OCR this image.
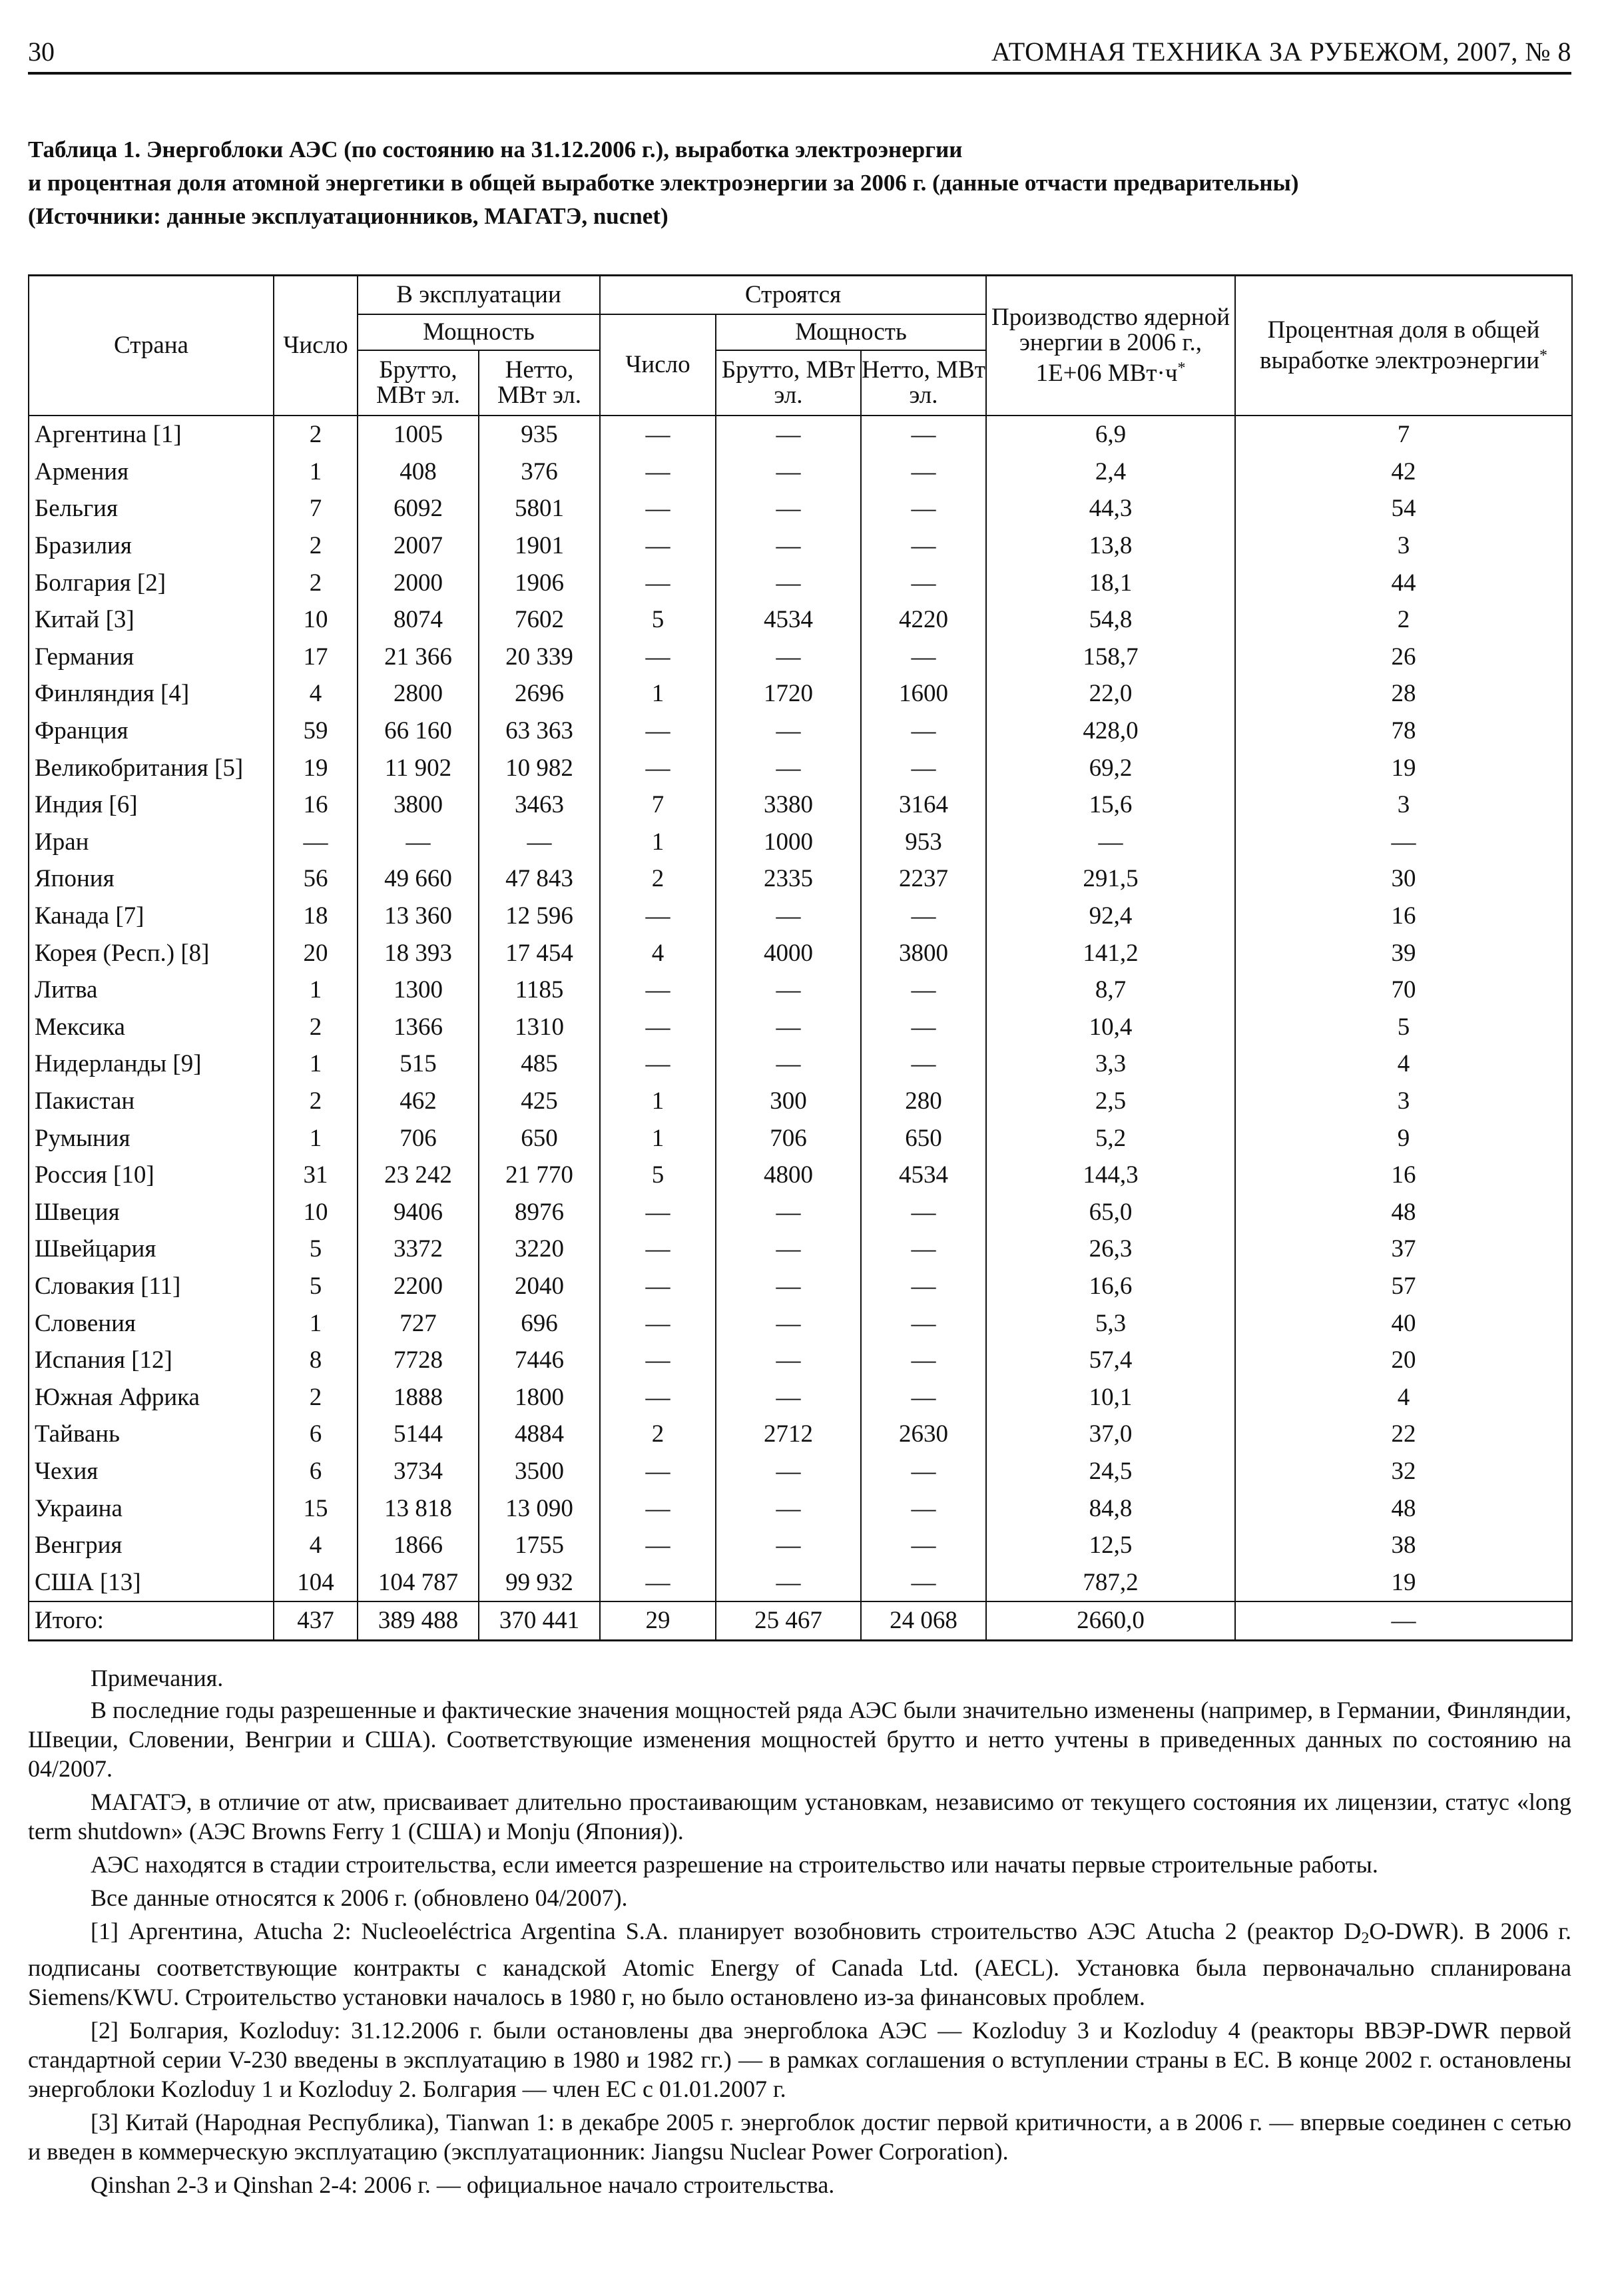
30	АТОМНАЯ ТЕХНИКА ЗА РУБЕЖОМ, 2007, № 8
Таблица 1. Энергоблоки АЭС (по состоянию на 31.12.2006 г.), выработка электроэнергии
и процентная доля атомной энергетики в общей выработке электроэнергии за 2006 г. (данные отчасти предварительны)
(Источники: данные эксплуатационников, МАГАТЭ, nucnet)
Страна	Число	В эксплуатации		Строятся			Производство ядерной энергии в 2006 г., 1E+06 МВт·ч*	Процентная доля в общей выработке электроэнергии*
		Мощность		Число	Мощность			
		Брутто, МВт эл.	Нетто, МВт эл.		Брутто, МВт эл.	Нетто, МВт эл.		
Аргентина [1]	2	1005	935	—	—	—	6,9	7
Армения	1	408	376	—	—	—	2,4	42
Бельгия	7	6092	5801	—	—	—	44,3	54
Бразилия	2	2007	1901	—	—	—	13,8	3
Болгария [2]	2	2000	1906	—	—	—	18,1	44
Китай [3]	10	8074	7602	5	4534	4220	54,8	2
Германия	17	21 366	20 339	—	—	—	158,7	26
Финляндия [4]	4	2800	2696	1	1720	1600	22,0	28
Франция	59	66 160	63 363	—	—	—	428,0	78
Великобритания [5]	19	11 902	10 982	—	—	—	69,2	19
Индия [6]	16	3800	3463	7	3380	3164	15,6	3
Иран	—	—	—	1	1000	953	—	—
Япония	56	49 660	47 843	2	2335	2237	291,5	30
Канада [7]	18	13 360	12 596	—	—	—	92,4	16
Корея (Респ.) [8]	20	18 393	17 454	4	4000	3800	141,2	39
Литва	1	1300	1185	—	—	—	8,7	70
Мексика	2	1366	1310	—	—	—	10,4	5
Нидерланды [9]	1	515	485	—	—	—	3,3	4
Пакистан	2	462	425	1	300	280	2,5	3
Румыния	1	706	650	1	706	650	5,2	9
Россия [10]	31	23 242	21 770	5	4800	4534	144,3	16
Швеция	10	9406	8976	—	—	—	65,0	48
Швейцария	5	3372	3220	—	—	—	26,3	37
Словакия [11]	5	2200	2040	—	—	—	16,6	57
Словения	1	727	696	—	—	—	5,3	40
Испания [12]	8	7728	7446	—	—	—	57,4	20
Южная Африка	2	1888	1800	—	—	—	10,1	4
Тайвань	6	5144	4884	2	2712	2630	37,0	22
Чехия	6	3734	3500	—	—	—	24,5	32
Украина	15	13 818	13 090	—	—	—	84,8	48
Венгрия	4	1866	1755	—	—	—	12,5	38
США [13]	104	104 787	99 932	—	—	—	787,2	19
Итого:	437	389 488	370 441	29	25 467	24 068	2660,0	—

Примечания.

В последние годы разрешенные и фактические значения мощностей ряда АЭС были значительно изменены (например, в Германии, Финляндии, Швеции, Словении, Венгрии и США). Соответствующие изменения мощностей брутто и нетто учтены в приведенных данных по состоянию на 04/2007.

МАГАТЭ, в отличие от atw, присваивает длительно простаивающим установкам, независимо от текущего состояния их лицензии, статус «long term shutdown» (АЭС Browns Ferry 1 (США) и Monju (Япония)).

АЭС находятся в стадии строительства, если имеется разрешение на строительство или начаты первые строительные работы.

Все данные относятся к 2006 г. (обновлено 04/2007).

[1] Аргентина, Atucha 2: Nucleoeléctrica Argentina S.A. планирует возобновить строительство АЭС Atucha 2 (реактор $D_2O-DWR$). В 2006 г. подписаны соответствующие контракты с канадской Atomic Energy of Canada Ltd. (AECL). Установка была первоначально спланирована Siemens/KWU. Строительство установки началось в 1980 г, но было остановлено из-за финансовых проблем.

[2] Болгария, Kozloduy: 31.12.2006 г. были остановлены два энергоблока АЭС — Kozloduy 3 и Kozloduy 4 (реакторы ВВЭР-DWR первой стандартной серии V-230 введены в эксплуатацию в 1980 и 1982 гг.) — в рамках соглашения о вступлении страны в ЕС. В конце 2002 г. остановлены энергоблоки Kozloduy 1 и Kozloduy 2. Болгария — член ЕС с 01.01.2007 г.

[3] Китай (Народная Республика), Tianwan 1: в декабре 2005 г. энергоблок достиг первой критичности, а в 2006 г. — впервые соединен с сетью и введен в коммерческую эксплуатацию (эксплуатационник: Jiangsu Nuclear Power Corporation).

Qinshan 2-3 и Qinshan 2-4: 2006 г. — официальное начало строительства.
